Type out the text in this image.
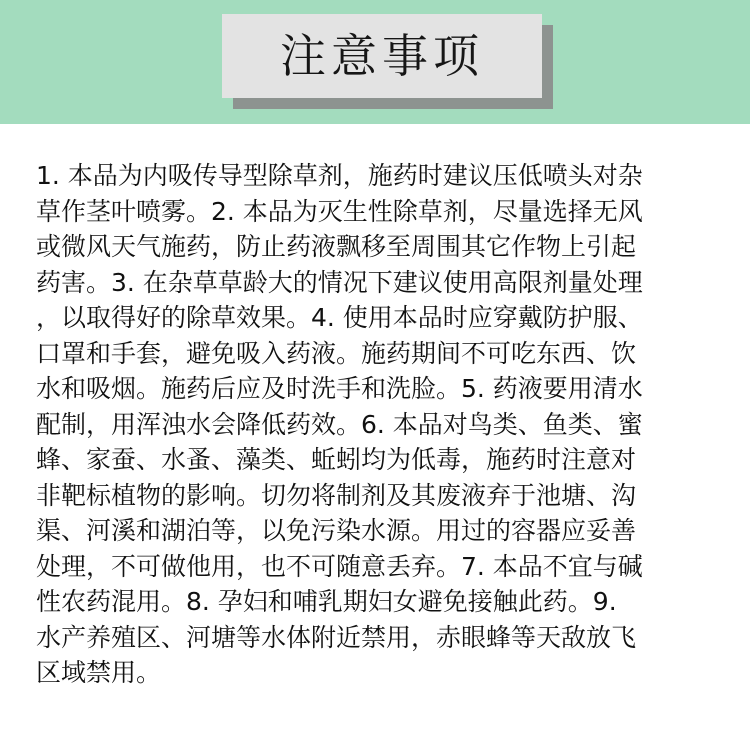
注意事项
1. 本品为内吸传导型除草剂，施药时建议压低喷头对杂
草作茎叶喷雾。2. 本品为灭生性除草剂，尽量选择无风
或微风天气施药，防止药液飘移至周围其它作物上引起
药害。3. 在杂草草龄大的情况下建议使用高限剂量处理
，以取得好的除草效果。4. 使用本品时应穿戴防护服、
口罩和手套，避免吸入药液。施药期间不可吃东西、饮
水和吸烟。施药后应及时洗手和洗脸。5. 药液要用清水
配制，用浑浊水会降低药效。6. 本品对鸟类、鱼类、蜜
蜂、家蚕、水蚤、藻类、蚯蚓均为低毒，施药时注意对
非靶标植物的影响。切勿将制剂及其废液弃于池塘、沟
渠、河溪和湖泊等，以免污染水源。用过的容器应妥善
处理，不可做他用，也不可随意丢弃。7. 本品不宜与碱
性农药混用。8. 孕妇和哺乳期妇女避免接触此药。9.
水产养殖区、河塘等水体附近禁用，赤眼蜂等天敌放飞
区域禁用。
